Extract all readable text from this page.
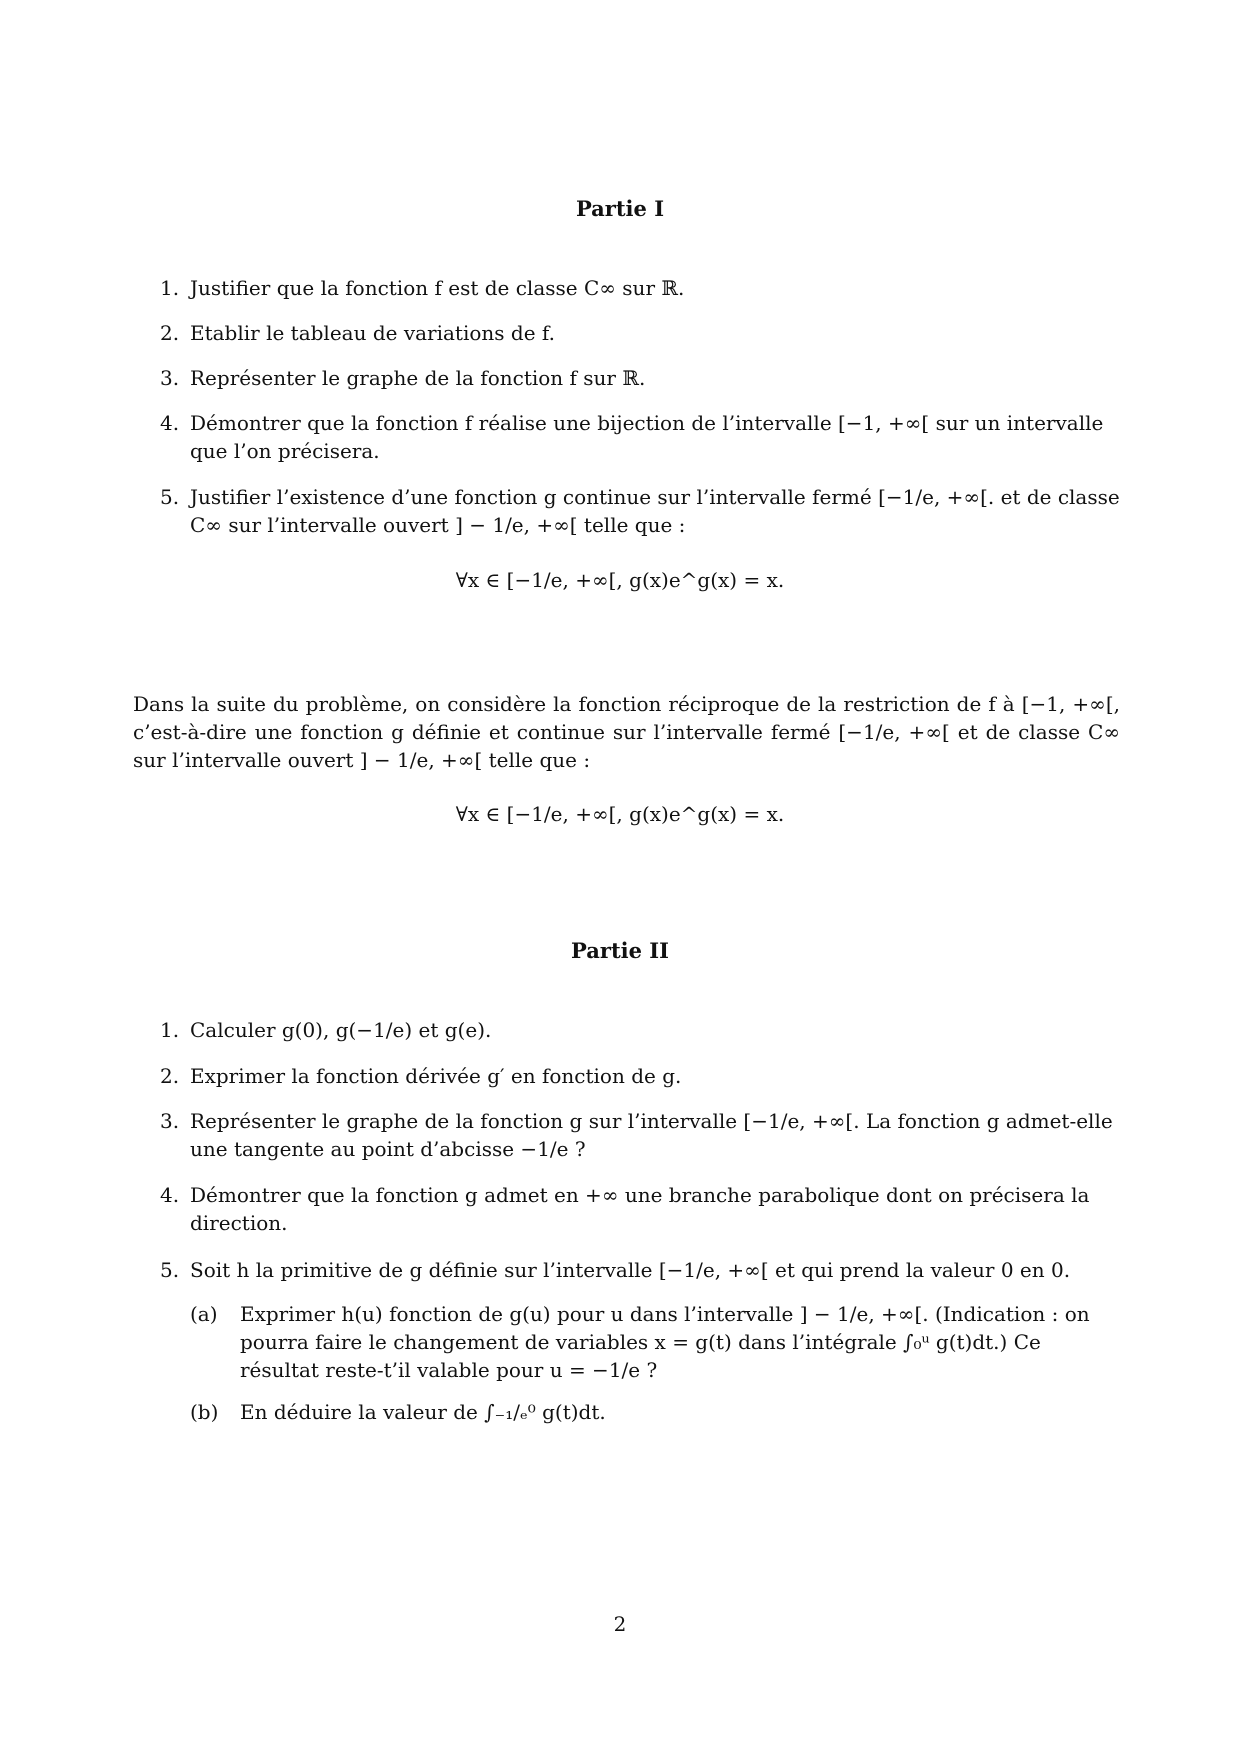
Partie I
1. Justifier que la fonction f est de classe C∞ sur ℝ.
2. Etablir le tableau de variations de f.
3. Représenter le graphe de la fonction f sur ℝ.
4. Démontrer que la fonction f réalise une bijection de l’intervalle [−1, +∞[ sur un intervalle que l’on précisera.
5. Justifier l’existence d’une fonction g continue sur l’intervalle fermé [−1/e, +∞[. et de classe C∞ sur l’intervalle ouvert ] − 1/e, +∞[ telle que :
∀x ∈ [−1/e, +∞[, g(x)e^g(x) = x.
Dans la suite du problème, on considère la fonction réciproque de la restriction de f à [−1, +∞[, c’est-à-dire une fonction g définie et continue sur l’intervalle fermé [−1/e, +∞[ et de classe C∞ sur l’intervalle ouvert ] − 1/e, +∞[ telle que :
∀x ∈ [−1/e, +∞[, g(x)e^g(x) = x.
Partie II
1. Calculer g(0), g(−1/e) et g(e).
2. Exprimer la fonction dérivée g′ en fonction de g.
3. Représenter le graphe de la fonction g sur l’intervalle [−1/e, +∞[. La fonction g admet-elle une tangente au point d’abcisse −1/e ?
4. Démontrer que la fonction g admet en +∞ une branche parabolique dont on précisera la direction.
5. Soit h la primitive de g définie sur l’intervalle [−1/e, +∞[ et qui prend la valeur 0 en 0.
(a)	Exprimer h(u) fonction de g(u) pour u dans l’intervalle ] − 1/e, +∞[. (Indication : on pourra faire le changement de variables x = g(t) dans l’intégrale ∫₀ᵘ g(t)dt.) Ce résultat reste-t’il valable pour u = −1/e ?
(b)	En déduire la valeur de ∫₋₁/ₑ⁰ g(t)dt.
2
